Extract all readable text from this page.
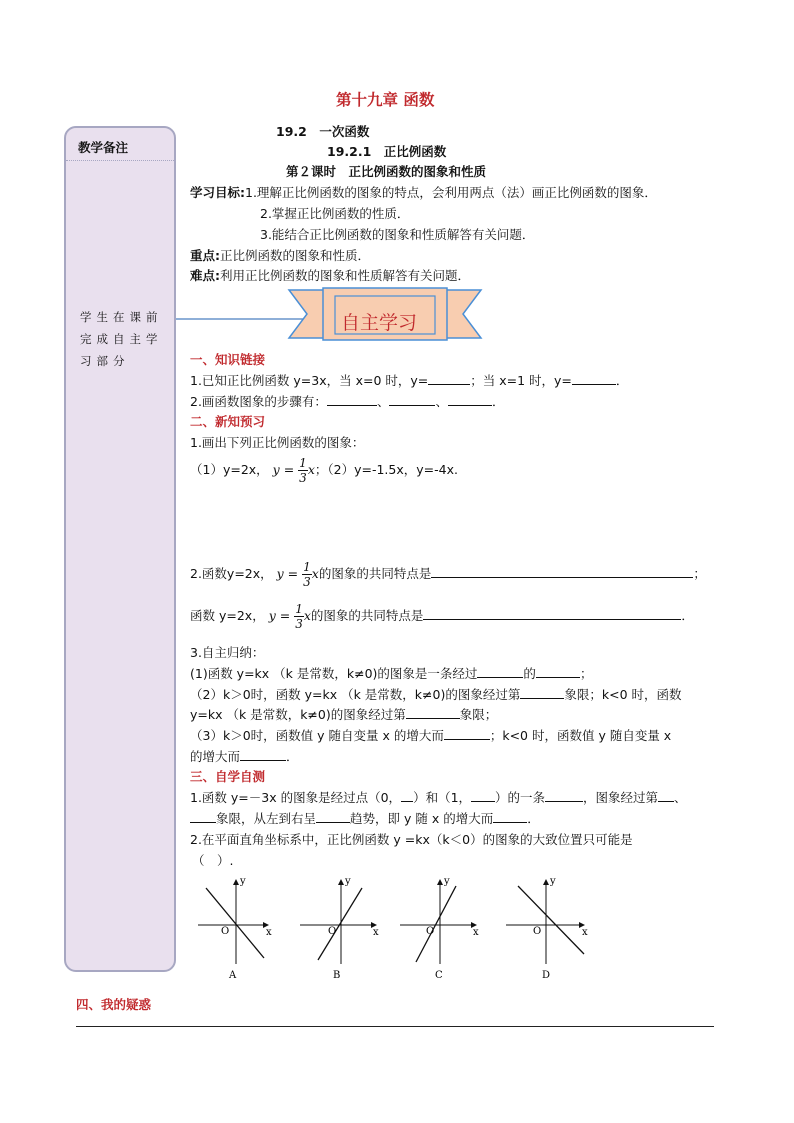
第十九章 函数
教学备注
学生在课前完成自主学习部分
19.2　一次函数
19.2.1　正比例函数
第２课时　正比例函数的图象和性质
学习目标:1.理解正比例函数的图象的特点，会利用两点（法）画正比例函数的图象．
2.掌握正比例函数的性质．
3.能结合正比例函数的图象和性质解答有关问题．
重点:正比例函数的图象和性质．
难点:利用正比例函数的图象和性质解答有关问题．
自主学习
一、知识链接
1.已知正比例函数 y=3x，当 x=0 时，y=	；当 x=1 时，y=	．
2.画函数图象的步骤有：	、	、	．
二、新知预习
1.画出下列正比例函数的图象：
（1）y=2x， $y = \frac{1}{3}$ x；（2）y=-1.5x，y=-4x.
2.函数y=2x， $y = \frac{1}{3}$ x的图象的共同特点是	；
函数 y=2x， $y = \frac{1}{3}$ x的图象的共同特点是	．
3.自主归纳：
(1)函数 y=kx （k 是常数，k≠0)的图象是一条经过	的	；
（2）k＞0时，函数 y=kx （k 是常数，k≠0)的图象经过第	象限；k<0 时，函数
y=kx （k 是常数，k≠0)的图象经过第	象限；
（3）k＞0时，函数值 y 随自变量 x 的增大而	；k<0 时，函数值 y 随自变量 x
的增大而	．
三、自学自测
1.函数 y=－3x 的图象是经过点（0， ）和（1， ）的一条	，图象经过第 、
象限，从左到右呈	趋势，即 y 随 x 的增大而	．
2.在平面直角坐标系中，正比例函数 y =kx（k＜0）的图象的大致位置只可能是
（　）.
y
x
O
A
y
x
O
B
y
x
O
C
y
x
O
D
四、我的疑惑
